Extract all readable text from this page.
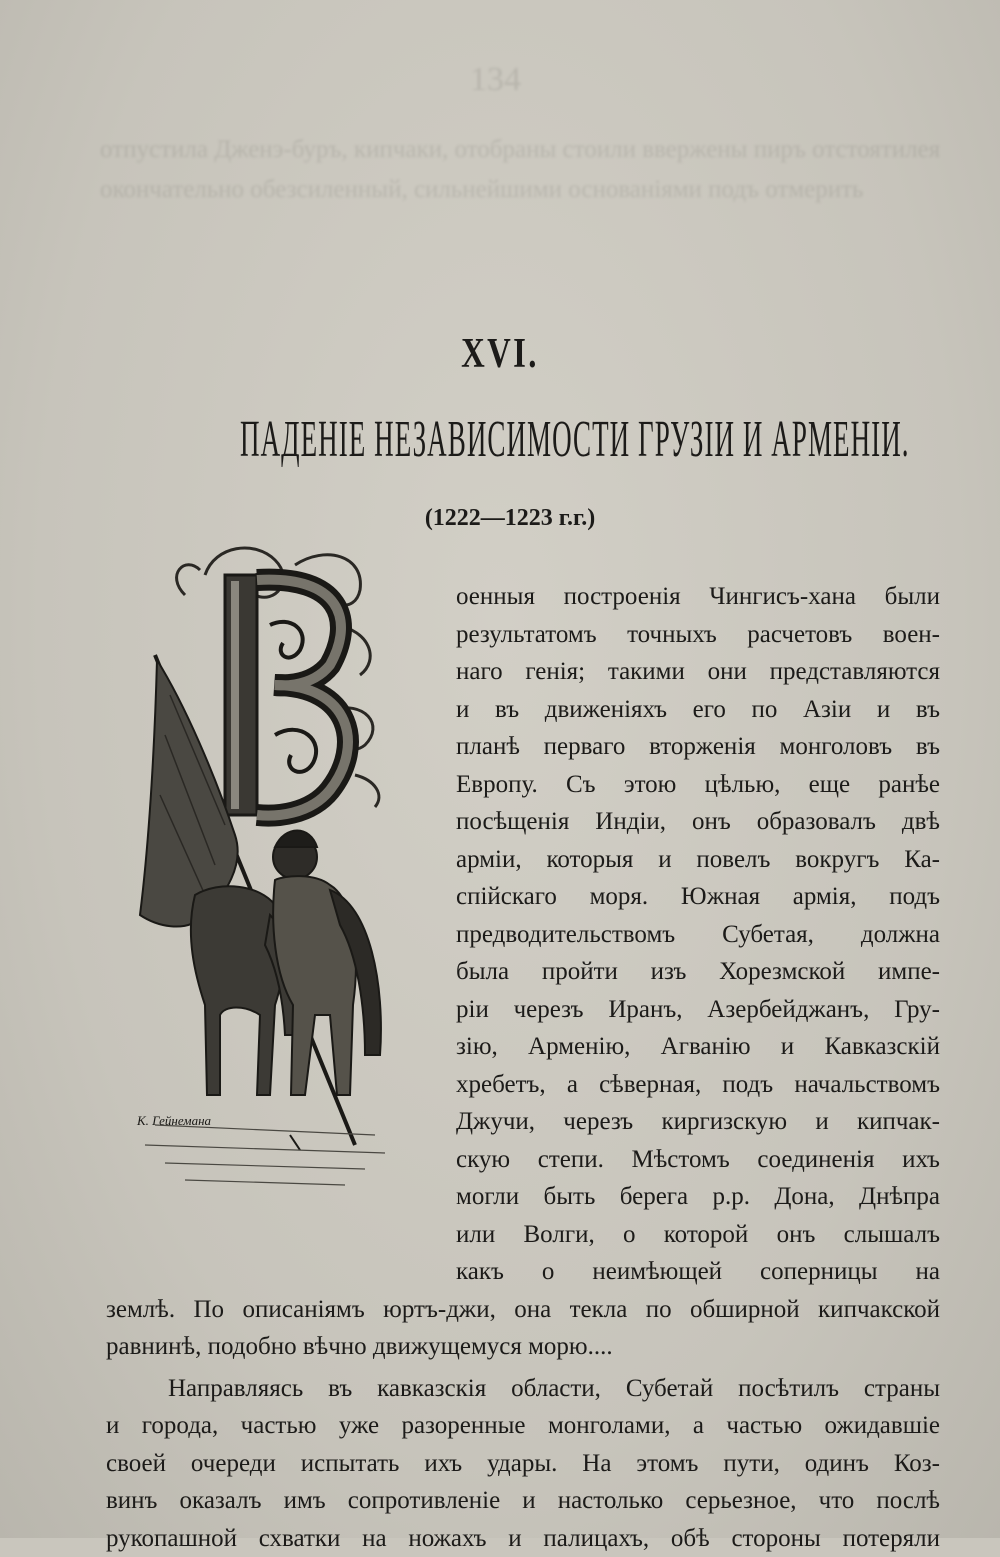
134
отпустила Дженэ-буръ, кипчаки, отобраны стоили ввержены пиръ отстоятилея
окончательно обезсиленный, сильнейшими основаніями подъ отмерить
XVI.
ПАДЕНІЕ НЕЗАВИСИМОСТИ ГРУЗІИ И АРМЕНІИ.
(1222—1223 г.г.)
К. Гейнемана
оенныя построенія Чингисъ-хана были
результатомъ точныхъ расчетовъ воен-
наго генія; такими они представляются
и въ движеніяхъ его по Азіи и въ
планѣ перваго вторженія монголовъ въ
Европу. Съ этою цѣлью, еще ранѣе
посѣщенія Индіи, онъ образовалъ двѣ
арміи, которыя и повелъ вокругъ Ка-
спійскаго моря. Южная армія, подъ
предводительствомъ Субетая, должна
была пройти изъ Хорезмской импе-
ріи черезъ Иранъ, Азербейджанъ, Гру-
зію, Арменію, Агванію и Кавказскій
хребетъ, а сѣверная, подъ начальствомъ
Джучи, черезъ киргизскую и кипчак-
скую степи. Мѣстомъ соединенія ихъ
могли быть берега р.р. Дона, Днѣпра
или Волги, о которой онъ слышалъ
какъ о неимѣющей соперницы на
землѣ. По описаніямъ юртъ-джи, она текла по обширной кипчакской
равнинѣ, подобно вѣчно движущемуся морю....
Направляясь въ кавказскія области, Субетай посѣтилъ страны
и города, частью уже разоренные монголами, а частью ожидавшіе
своей очереди испытать ихъ удары. На этомъ пути, одинъ Коз-
винъ оказалъ имъ сопротивленіе и настолько серьезное, что послѣ
рукопашной схватки на ножахъ и палицахъ, обѣ стороны потеряли
